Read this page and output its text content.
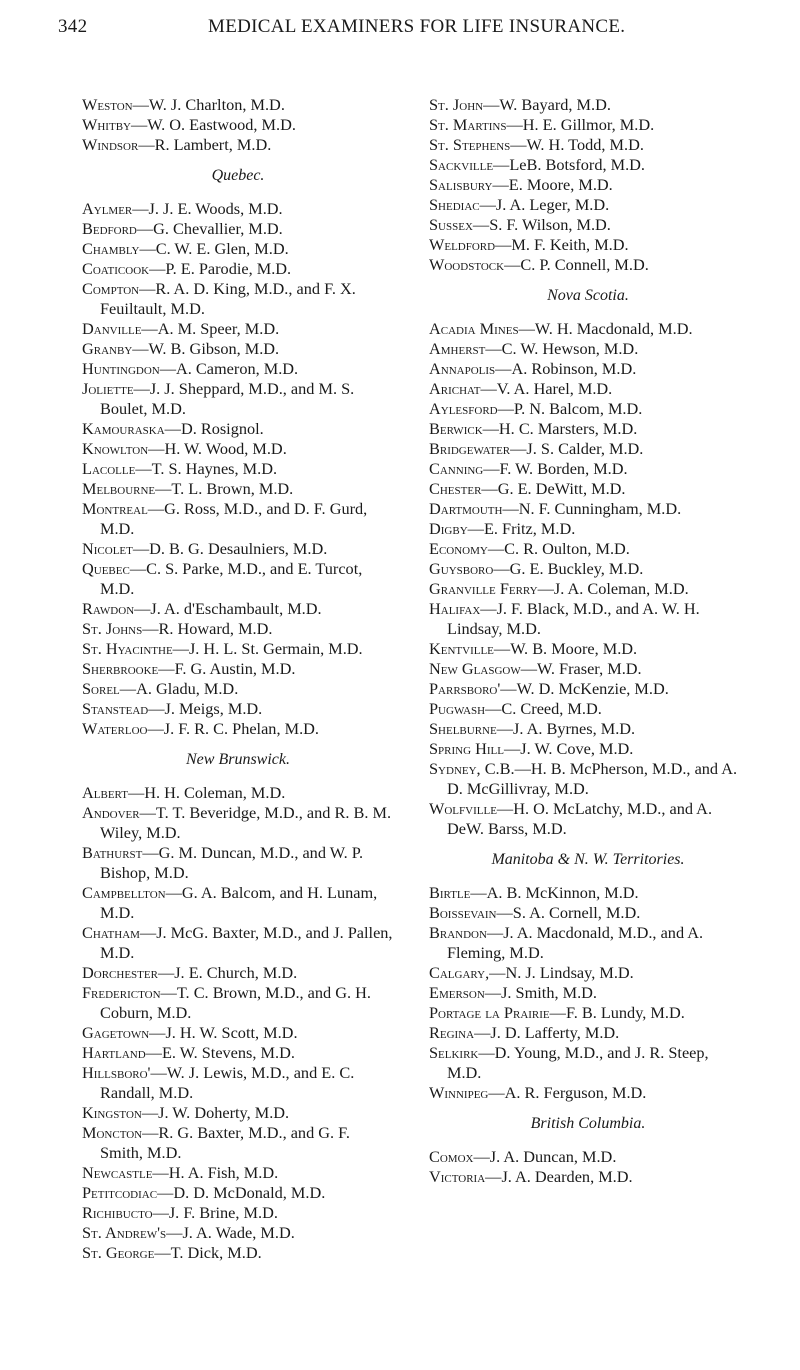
342	MEDICAL EXAMINERS FOR LIFE INSURANCE.
Weston—W. J. Charlton, M.D.
Whitby—W. O. Eastwood, M.D.
Windsor—R. Lambert, M.D.
Quebec.
Aylmer—J. J. E. Woods, M.D.
Bedford—G. Chevallier, M.D.
Chambly—C. W. E. Glen, M.D.
Coaticook—P. E. Parodie, M.D.
Compton—R. A. D. King, M.D., and F. X. Feuiltault, M.D.
Danville—A. M. Speer, M.D.
Granby—W. B. Gibson, M.D.
Huntingdon—A. Cameron, M.D.
Joliette—J. J. Sheppard, M.D., and M. S. Boulet, M.D.
Kamouraska—D. Rosignol.
Knowlton—H. W. Wood, M.D.
Lacolle—T. S. Haynes, M.D.
Melbourne—T. L. Brown, M.D.
Montreal—G. Ross, M.D., and D. F. Gurd, M.D.
Nicolet—D. B. G. Desaulniers, M.D.
Quebec—C. S. Parke, M.D., and E. Turcot, M.D.
Rawdon—J. A. d'Eschambault, M.D.
St. Johns—R. Howard, M.D.
St. Hyacinthe—J. H. L. St. Germain, M.D.
Sherbrooke—F. G. Austin, M.D.
Sorel—A. Gladu, M.D.
Stanstead—J. Meigs, M.D.
Waterloo—J. F. R. C. Phelan, M.D.
New Brunswick.
Albert—H. H. Coleman, M.D.
Andover—T. T. Beveridge, M.D., and R. B. M. Wiley, M.D.
Bathurst—G. M. Duncan, M.D., and W. P. Bishop, M.D.
Campbellton—G. A. Balcom, and H. Lunam, M.D.
Chatham—J. McG. Baxter, M.D., and J. Pallen, M.D.
Dorchester—J. E. Church, M.D.
Fredericton—T. C. Brown, M.D., and G. H. Coburn, M.D.
Gagetown—J. H. W. Scott, M.D.
Hartland—E. W. Stevens, M.D.
Hillsboro'—W. J. Lewis, M.D., and E. C. Randall, M.D.
Kingston—J. W. Doherty, M.D.
Moncton—R. G. Baxter, M.D., and G. F. Smith, M.D.
Newcastle—H. A. Fish, M.D.
Petitcodiac—D. D. McDonald, M.D.
Richibucto—J. F. Brine, M.D.
St. Andrew's—J. A. Wade, M.D.
St. George—T. Dick, M.D.
St. John—W. Bayard, M.D.
St. Martins—H. E. Gillmor, M.D.
St. Stephens—W. H. Todd, M.D.
Sackville—LeB. Botsford, M.D.
Salisbury—E. Moore, M.D.
Shediac—J. A. Leger, M.D.
Sussex—S. F. Wilson, M.D.
Weldford—M. F. Keith, M.D.
Woodstock—C. P. Connell, M.D.
Nova Scotia.
Acadia Mines—W. H. Macdonald, M.D.
Amherst—C. W. Hewson, M.D.
Annapolis—A. Robinson, M.D.
Arichat—V. A. Harel, M.D.
Aylesford—P. N. Balcom, M.D.
Berwick—H. C. Marsters, M.D.
Bridgewater—J. S. Calder, M.D.
Canning—F. W. Borden, M.D.
Chester—G. E. DeWitt, M.D.
Dartmouth—N. F. Cunningham, M.D.
Digby—E. Fritz, M.D.
Economy—C. R. Oulton, M.D.
Guysboro—G. E. Buckley, M.D.
Granville Ferry—J. A. Coleman, M.D.
Halifax—J. F. Black, M.D., and A. W. H. Lindsay, M.D.
Kentville—W. B. Moore, M.D.
New Glasgow—W. Fraser, M.D.
Parrsboro'—W. D. McKenzie, M.D.
Pugwash—C. Creed, M.D.
Shelburne—J. A. Byrnes, M.D.
Spring Hill—J. W. Cove, M.D.
Sydney, C.B.—H. B. McPherson, M.D., and A. D. McGillivray, M.D.
Wolfville—H. O. McLatchy, M.D., and A. DeW. Barss, M.D.
Manitoba & N. W. Territories.
Birtle—A. B. McKinnon, M.D.
Boissevain—S. A. Cornell, M.D.
Brandon—J. A. Macdonald, M.D., and A. Fleming, M.D.
Calgary,—N. J. Lindsay, M.D.
Emerson—J. Smith, M.D.
Portage la Prairie—F. B. Lundy, M.D.
Regina—J. D. Lafferty, M.D.
Selkirk—D. Young, M.D., and J. R. Steep, M.D.
Winnipeg—A. R. Ferguson, M.D.
British Columbia.
Comox—J. A. Duncan, M.D.
Victoria—J. A. Dearden, M.D.
